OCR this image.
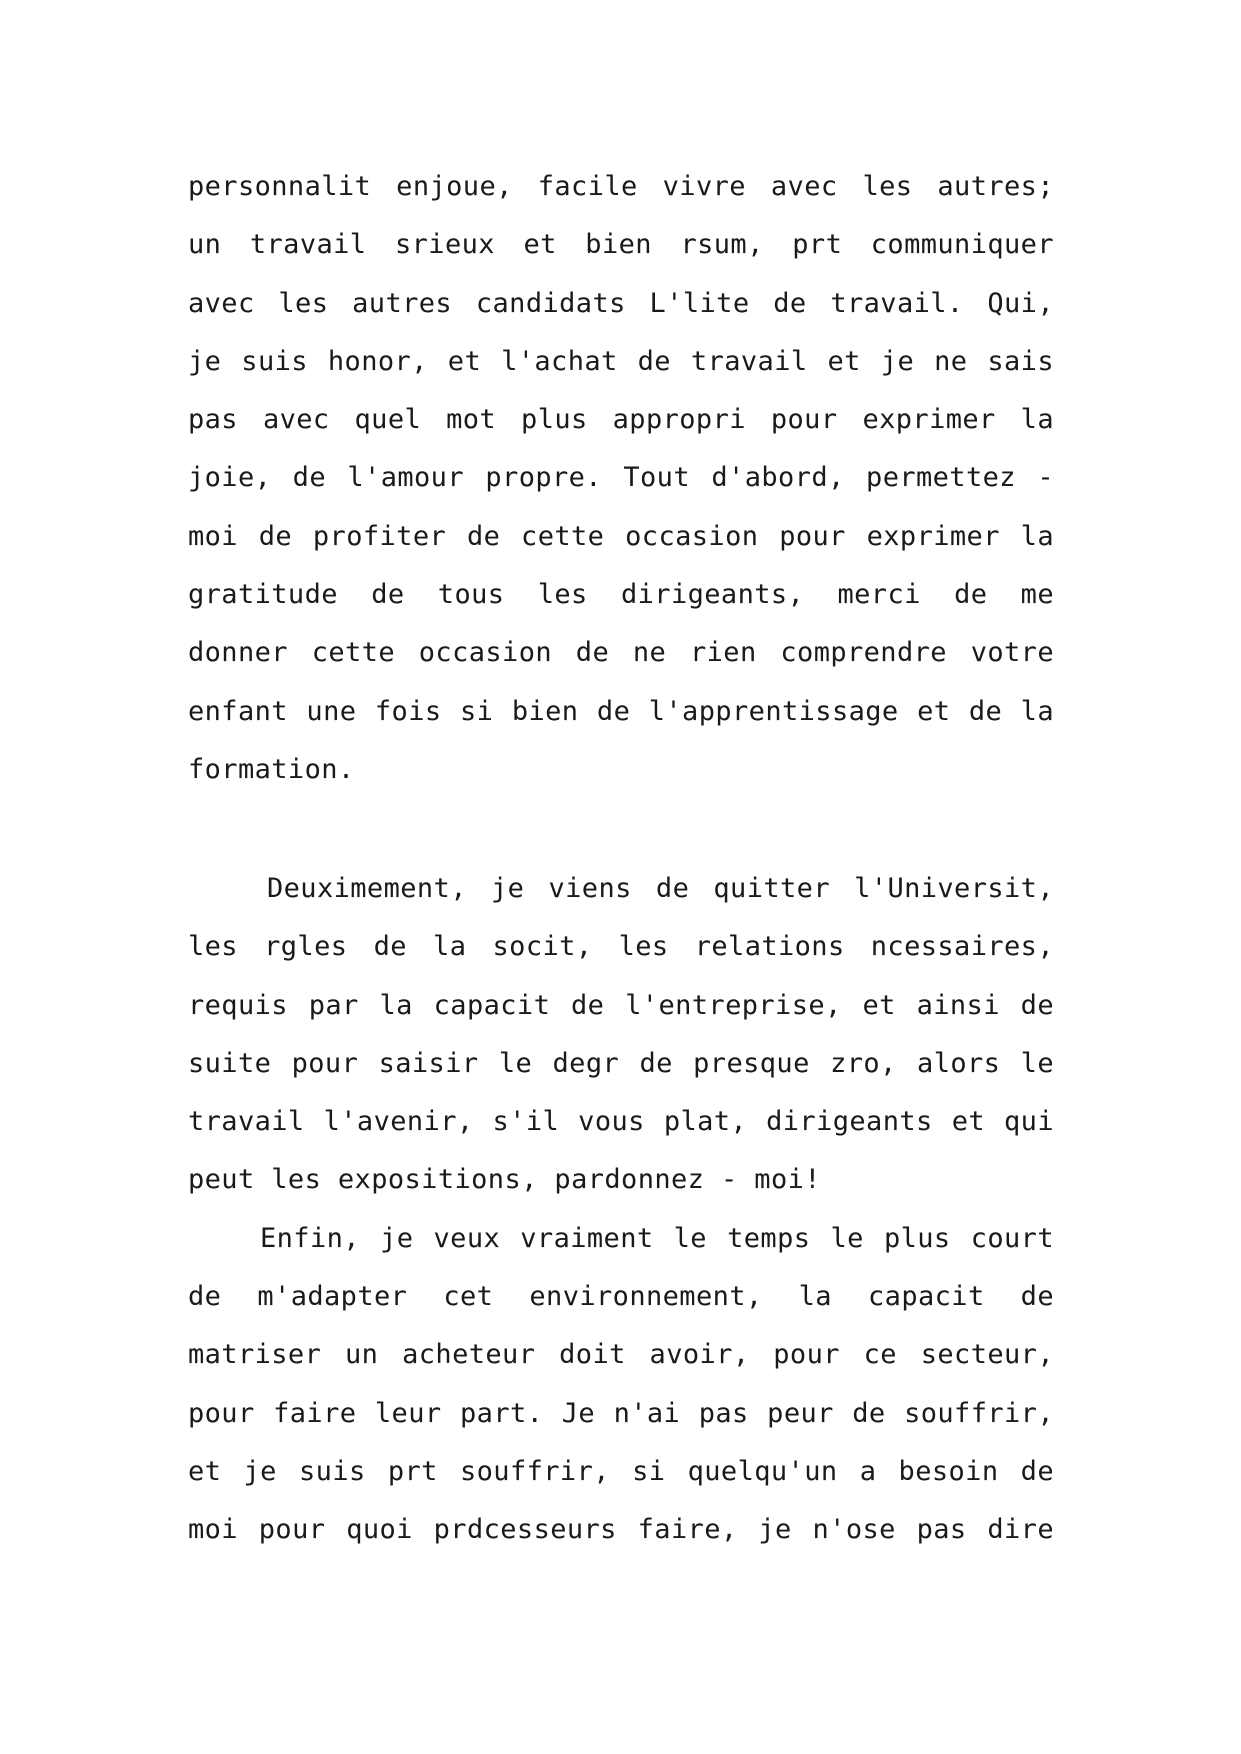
personnalit enjoue, facile vivre avec les autres;
un travail srieux et bien rsum, prt communiquer
avec les autres candidats L'lite de travail. Qui,
je suis honor, et l'achat de travail et je ne sais
pas avec quel mot plus appropri pour exprimer la
joie, de l'amour propre. Tout d'abord, permettez -
moi de profiter de cette occasion pour exprimer la
gratitude de tous les dirigeants, merci de me
donner cette occasion de ne rien comprendre votre
enfant une fois si bien de l'apprentissage et de la
formation.
Deuximement, je viens de quitter l'Universit,
les rgles de la socit, les relations ncessaires,
requis par la capacit de l'entreprise, et ainsi de
suite pour saisir le degr de presque zro, alors le
travail l'avenir, s'il vous plat, dirigeants et qui
peut les expositions, pardonnez - moi!
Enfin, je veux vraiment le temps le plus court
de m'adapter cet environnement, la capacit de
matriser un acheteur doit avoir, pour ce secteur,
pour faire leur part. Je n'ai pas peur de souffrir,
et je suis prt souffrir, si quelqu'un a besoin de
moi pour quoi prdcesseurs faire, je n'ose pas dire
